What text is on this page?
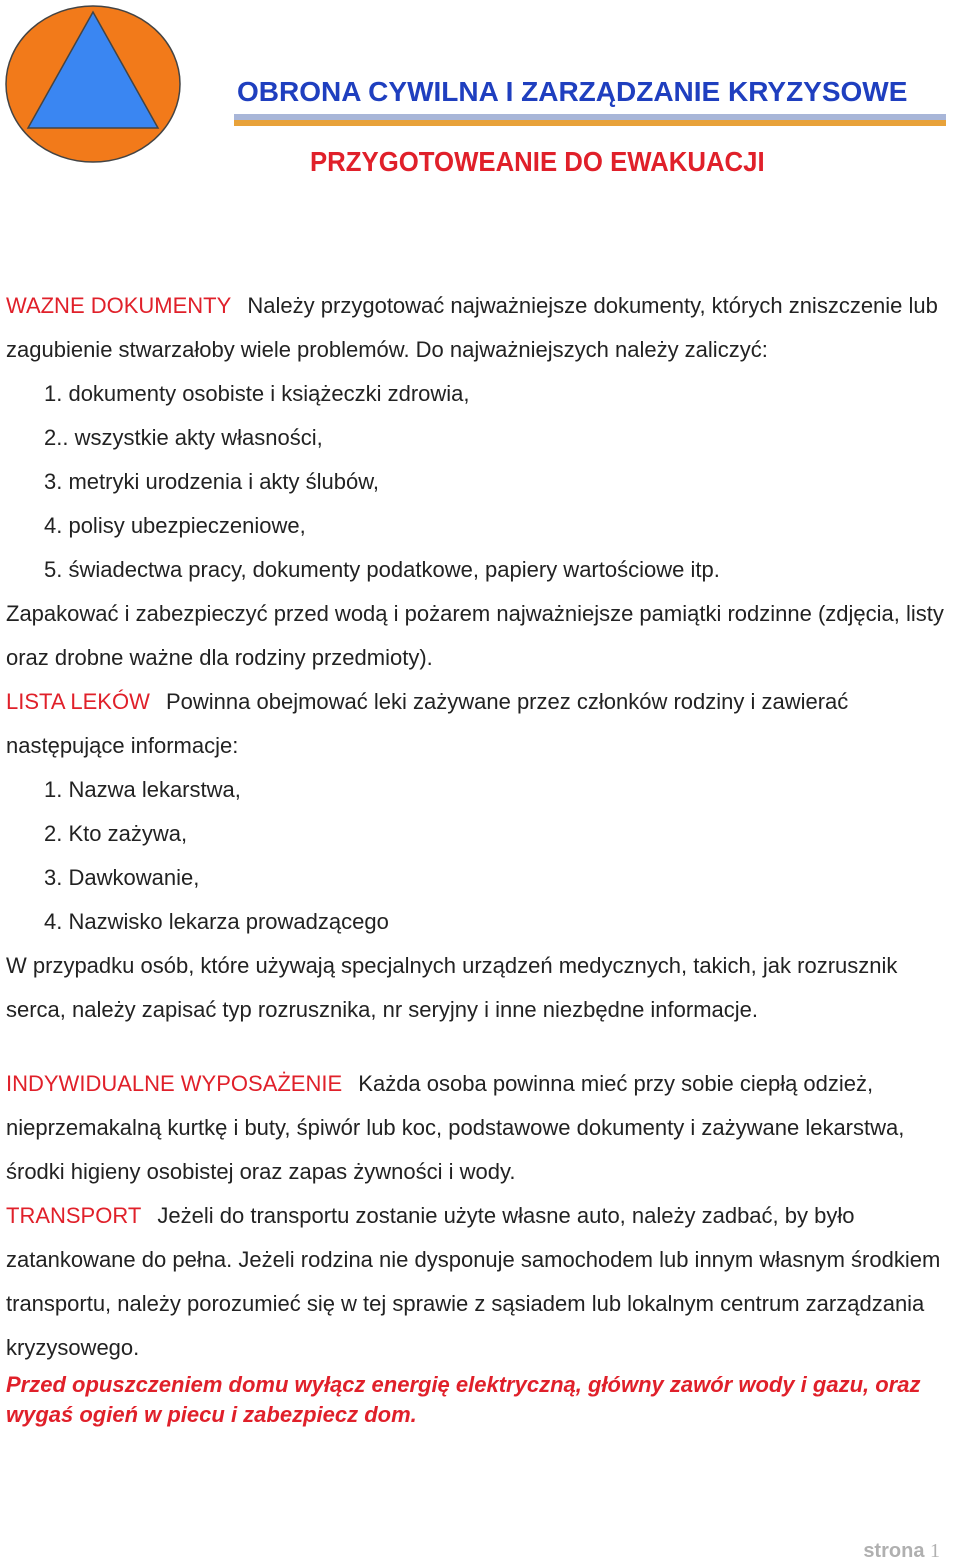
OBRONA CYWILNA I ZARZĄDZANIE KRYZYSOWE
PRZYGOTOWEANIE DO EWAKUACJI

WAZNE DOKUMENTY Należy przygotować najważniejsze dokumenty, których zniszczenie lub zagubienie stwarzałoby wiele problemów. Do najważniejszych należy zaliczyć:

1. dokumenty osobiste i książeczki zdrowia,
2.. wszystkie akty własności,
3. metryki urodzenia i akty ślubów,
4. polisy ubezpieczeniowe,
5. świadectwa pracy, dokumenty podatkowe, papiery wartościowe itp.

Zapakować i zabezpieczyć przed wodą i pożarem najważniejsze pamiątki rodzinne (zdjęcia, listy oraz drobne ważne dla rodziny przedmioty).

LISTA LEKÓW Powinna obejmować leki zażywane przez członków rodziny i zawierać następujące informacje:

1. Nazwa lekarstwa,
2. Kto zażywa,
3. Dawkowanie,
4. Nazwisko lekarza prowadzącego

W przypadku osób, które używają specjalnych urządzeń medycznych, takich, jak rozrusznik serca, należy zapisać typ rozrusznika, nr seryjny i inne niezbędne informacje.

INDYWIDUALNE WYPOSAŻENIE Każda osoba powinna mieć przy sobie ciepłą odzież, nieprzemakalną kurtkę i buty, śpiwór lub koc, podstawowe dokumenty i zażywane lekarstwa, środki higieny osobistej oraz zapas żywności i wody.

TRANSPORT Jeżeli do transportu zostanie użyte własne auto, należy zadbać, by było zatankowane do pełna. Jeżeli rodzina nie dysponuje samochodem lub innym własnym środkiem transportu, należy porozumieć się w tej sprawie z sąsiadem lub lokalnym centrum zarządzania kryzysowego.

Przed opuszczeniem domu wyłącz energię elektryczną, główny zawór wody i gazu, oraz wygaś ogień w piecu i zabezpiecz dom.

strona 1
